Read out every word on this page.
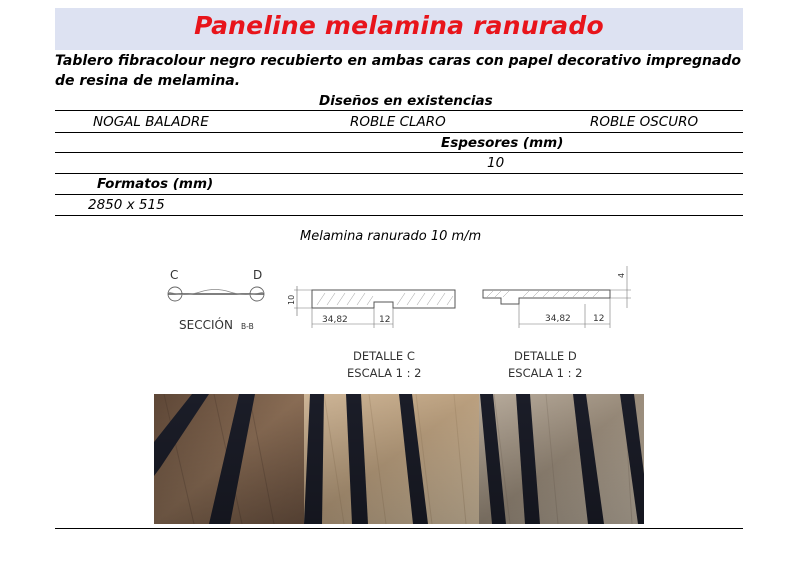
Paneline melamina ranurado
Tablero fibracolour negro recubierto en ambas caras con papel decorativo impregnado de resina de melamina.
Diseños en existencias
NOGAL BALADRE	ROBLE CLARO	ROBLE OSCURO
Espesores (mm)
10
Formatos (mm)
2850 x 515
Melamina ranurado 10 m/m
C	D
SECCIÓN B-B
10
34,82	12
DETALLE C
ESCALA 1 : 2
4
34,82 12
DETALLE D
ESCALA 1 : 2
